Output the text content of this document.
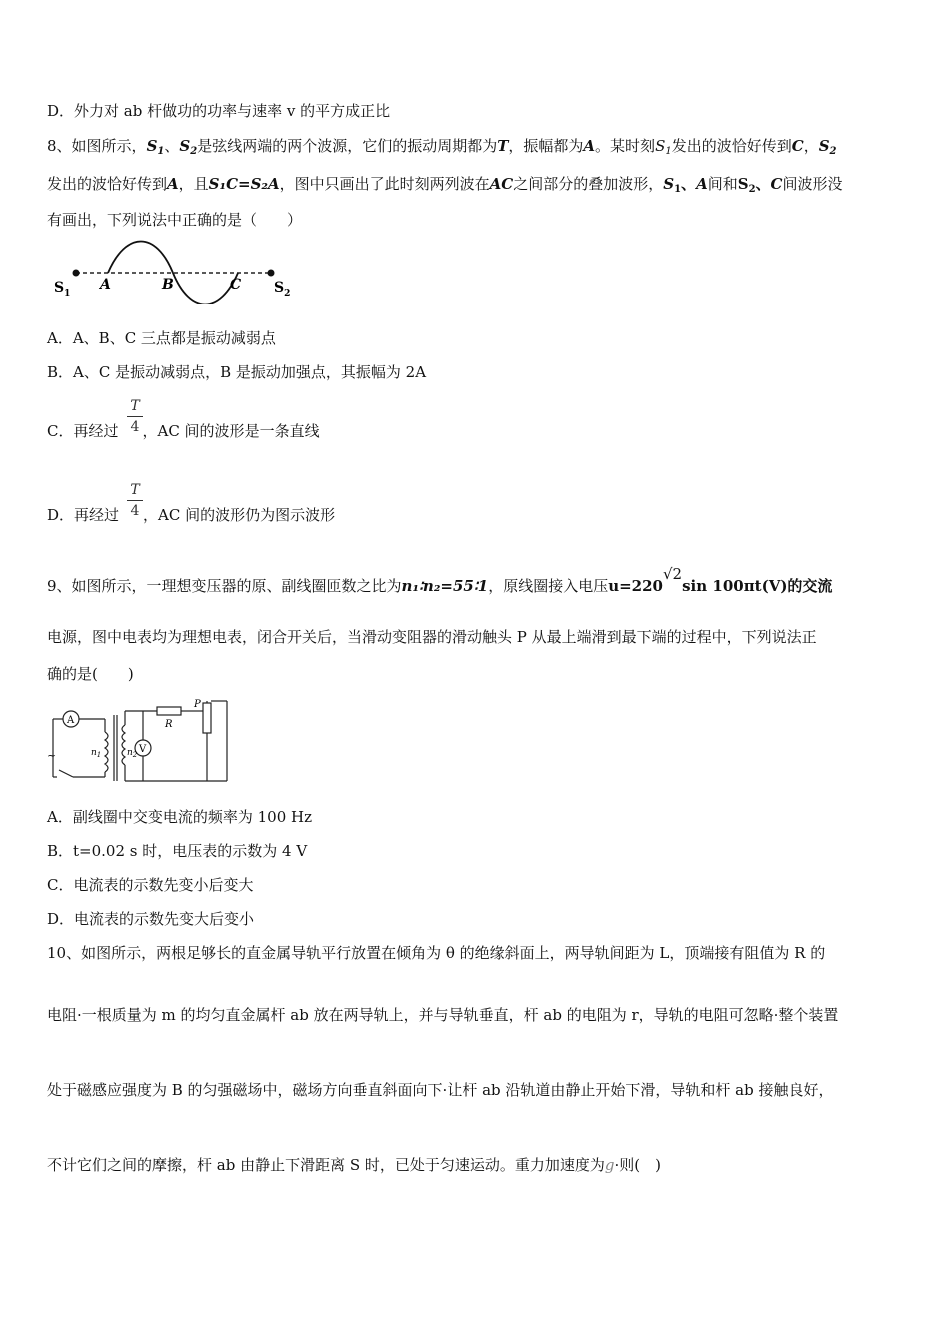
D．外力对 ab 杆做功的功率与速率 v 的平方成正比
8、如图所示，$S_1$、$S_2$是弦线两端的两个波源，它们的振动周期都为T，振幅都为A。某时刻$S_1$发出的波恰好传到C，$S_2$
发出的波恰好传到A，且S₁C=S₂A，图中只画出了此时刻两列波在AC之间部分的叠加波形，$S_1$、A间和$S_2$、C间波形没
有画出，下列说法中正确的是（　　）
$S_1$
A	B	C $S_2$
A．A、B、C 三点都是振动减弱点
B．A、C 是振动减弱点，B 是振动加强点，其振幅为 2A
C．再经过 ，AC 间的波形是一条直线
T
4
D．再经过 ，AC 间的波形仍为图示波形
T
4
9、如图所示，一理想变压器的原、副线圈匝数之比为n₁∶n₂=55∶1，原线圈接入电压u=220√2sin 100πt(V)的交流
电源，图中电表均为理想电表，闭合开关后，当滑动变阻器的滑动触头 P 从最上端滑到最下端的过程中，下列说法正
确的是(　　)
A
V
$n_1$	$n_2$
R
P
~
A．副线圈中交变电流的频率为 100 Hz
B．t=0.02 s 时，电压表的示数为 4 V
C．电流表的示数先变小后变大
D．电流表的示数先变大后变小
10、如图所示，两根足够长的直金属导轨平行放置在倾角为 θ 的绝缘斜面上，两导轨间距为 L，顶端接有阻值为 R 的
电阻·一根质量为 m 的均匀直金属杆 ab 放在两导轨上，并与导轨垂直，杆 ab 的电阻为 r，导轨的电阻可忽略·整个装置
处于磁感应强度为 B 的匀强磁场中，磁场方向垂直斜面向下·让杆 ab 沿轨道由静止开始下滑，导轨和杆 ab 接触良好，
不计它们之间的摩擦，杆 ab 由静止下滑距离 S 时，已处于匀速运动。重力加速度为g·则(　)
